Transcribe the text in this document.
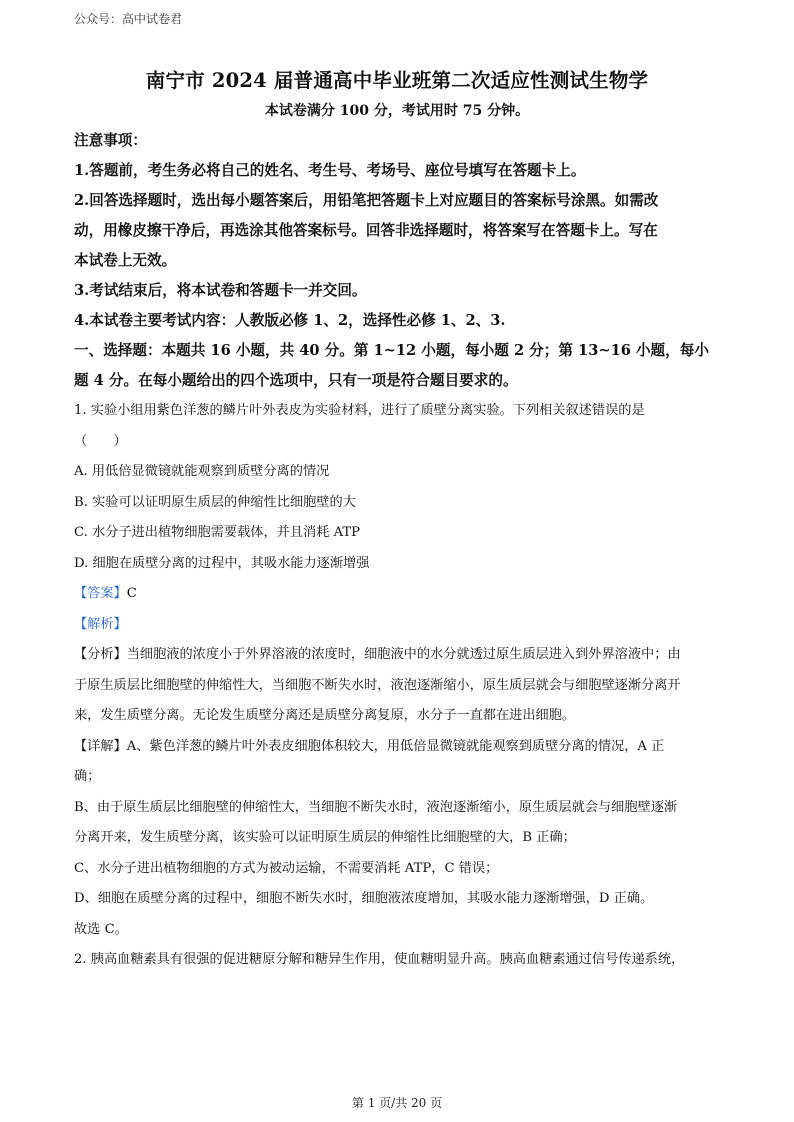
公众号：高中试卷君

南宁市 2024 届普通高中毕业班第二次适应性测试生物学

本试卷满分 100 分，考试用时 75 分钟。

注意事项：

1.答题前，考生务必将自己的姓名、考生号、考场号、座位号填写在答题卡上。

2.回答选择题时，选出每小题答案后，用铅笔把答题卡上对应题目的答案标号涂黑。如需改

动，用橡皮擦干净后，再选涂其他答案标号。回答非选择题时，将答案写在答题卡上。写在

本试卷上无效。

3.考试结束后，将本试卷和答题卡一并交回。

4.本试卷主要考试内容：人教版必修 1、2，选择性必修 1、2、3.

一、选择题：本题共 16 小题，共 40 分。第 1~12 小题，每小题 2 分；第 13~16 小题，每小

题 4 分。在每小题给出的四个选项中，只有一项是符合题目要求的。

1. 实验小组用紫色洋葱的鳞片叶外表皮为实验材料，进行了质壁分离实验。下列相关叙述错误的是

（　　）

A. 用低倍显微镜就能观察到质壁分离的情况

B. 实验可以证明原生质层的伸缩性比细胞壁的大

C. 水分子进出植物细胞需要载体，并且消耗 ATP

D. 细胞在质壁分离的过程中，其吸水能力逐渐增强

【答案】C

【解析】

【分析】当细胞液的浓度小于外界溶液的浓度时，细胞液中的水分就透过原生质层进入到外界溶液中；由

于原生质层比细胞壁的伸缩性大，当细胞不断失水时，液泡逐渐缩小，原生质层就会与细胞壁逐渐分离开

来，发生质壁分离。无论发生质壁分离还是质壁分离复原，水分子一直都在进出细胞。

【详解】A、紫色洋葱的鳞片叶外表皮细胞体积较大，用低倍显微镜就能观察到质壁分离的情况，A 正

确；

B、由于原生质层比细胞壁的伸缩性大，当细胞不断失水时，液泡逐渐缩小，原生质层就会与细胞壁逐渐

分离开来，发生质壁分离，该实验可以证明原生质层的伸缩性比细胞壁的大，B 正确；

C、水分子进出植物细胞的方式为被动运输，不需要消耗 ATP，C 错误；

D、细胞在质壁分离的过程中，细胞不断失水时，细胞液浓度增加，其吸水能力逐渐增强，D 正确。

故选 C。

2. 胰高血糖素具有很强的促进糖原分解和糖异生作用，使血糖明显升高。胰高血糖素通过信号传递系统，

第 1 页/共 20 页
